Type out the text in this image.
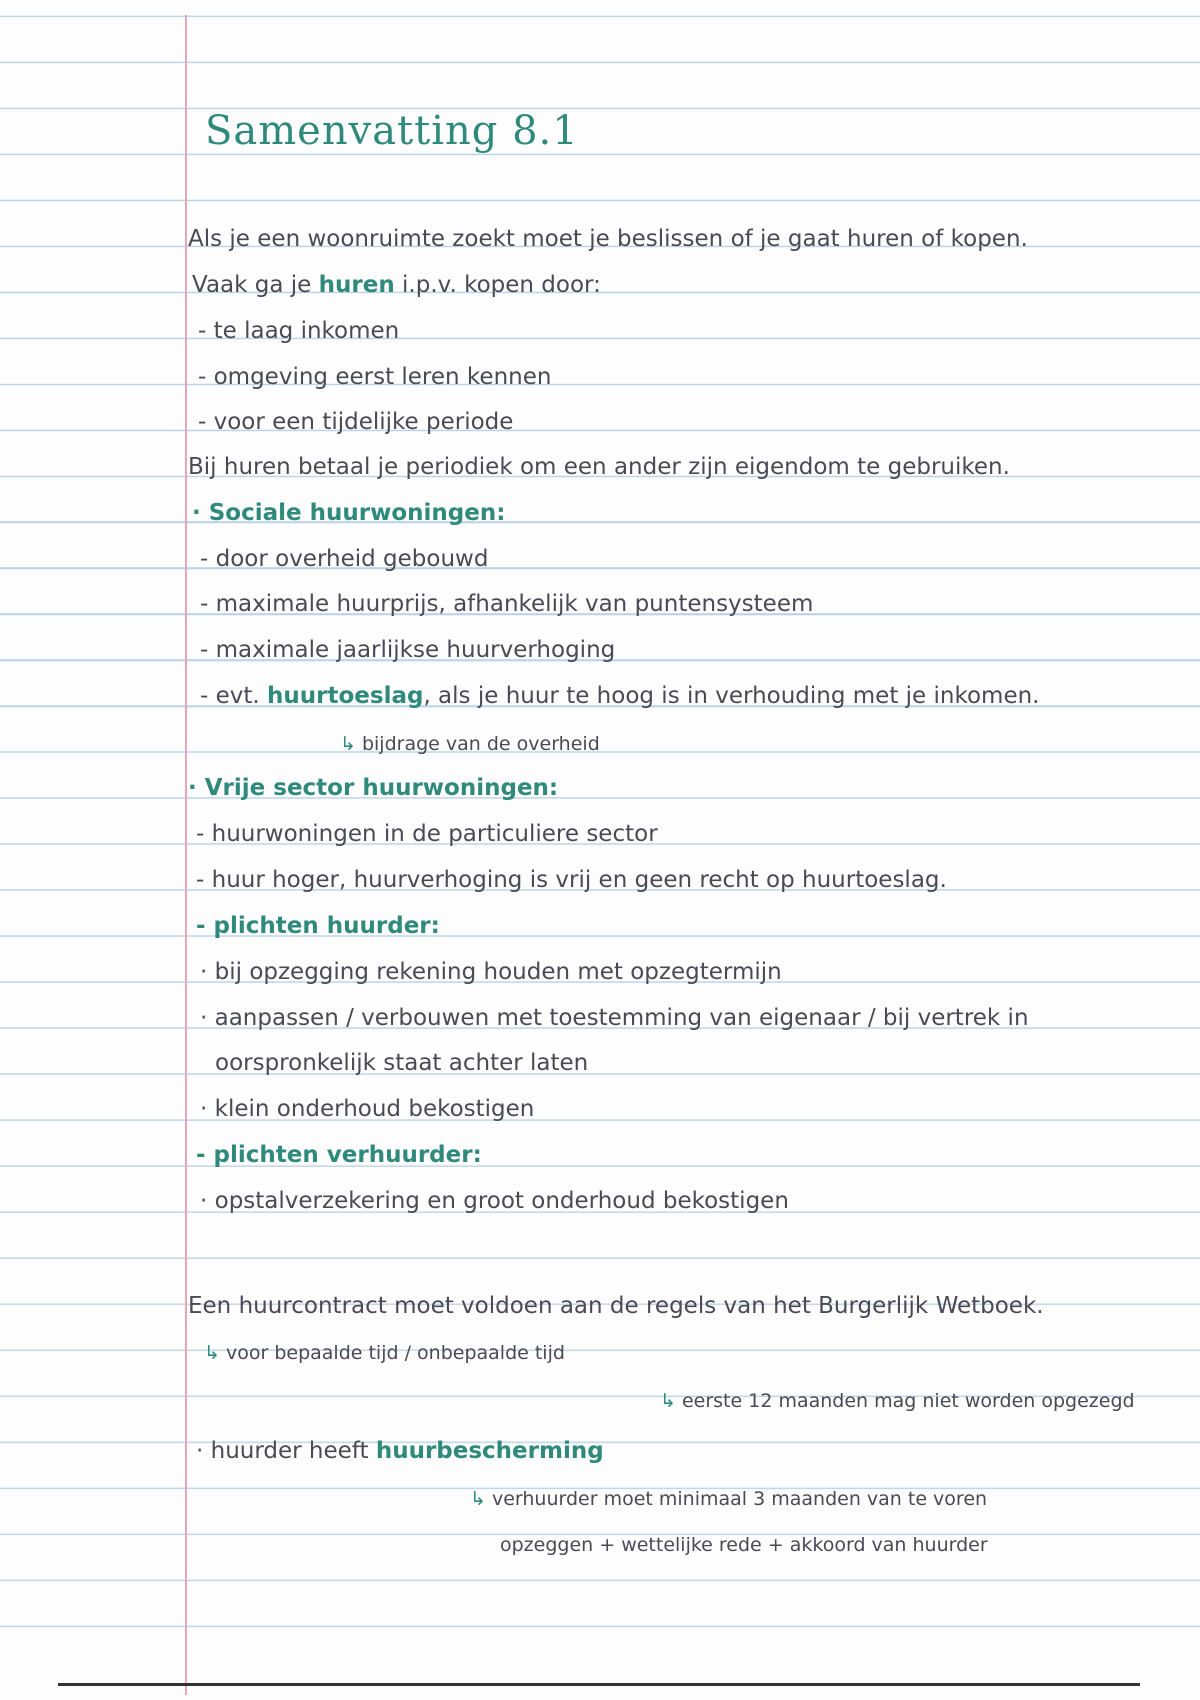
Samenvatting 8.1

Als je een woonruimte zoekt moet je beslissen of je gaat huren of kopen.

Vaak ga je huren i.p.v. kopen door:

- te laag inkomen

- omgeving eerst leren kennen

- voor een tijdelijke periode

Bij huren betaal je periodiek om een ander zijn eigendom te gebruiken.

· Sociale huurwoningen:

- door overheid gebouwd

- maximale huurprijs, afhankelijk van puntensysteem

- maximale jaarlijkse huurverhoging

- evt. huurtoeslag, als je huur te hoog is in verhouding met je inkomen.

↳ bijdrage van de overheid

· Vrije sector huurwoningen:

- huurwoningen in de particuliere sector

- huur hoger, huurverhoging is vrij en geen recht op huurtoeslag.

- plichten huurder:

· bij opzegging rekening houden met opzegtermijn

· aanpassen / verbouwen met toestemming van eigenaar / bij vertrek in

oorspronkelijk staat achter laten

· klein onderhoud bekostigen

- plichten verhuurder:

· opstalverzekering en groot onderhoud bekostigen

Een huurcontract moet voldoen aan de regels van het Burgerlijk Wetboek.

↳ voor bepaalde tijd / onbepaalde tijd

↳ eerste 12 maanden mag niet worden opgezegd

· huurder heeft huurbescherming

↳ verhuurder moet minimaal 3 maanden van te voren

opzeggen + wettelijke rede + akkoord van huurder
